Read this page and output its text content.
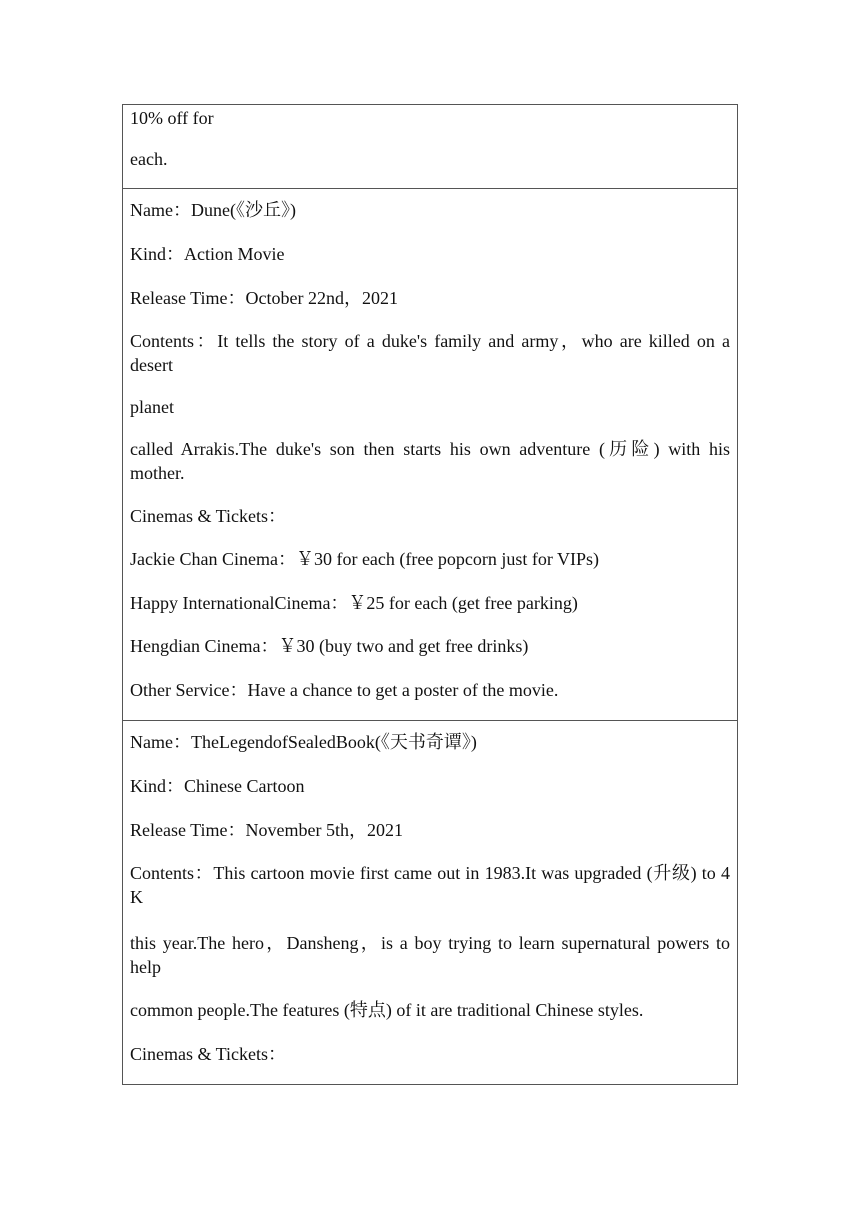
10% off for
each.
Name：Dune(《沙丘》)
Kind：Action Movie
Release Time：October 22nd，2021
Contents：It tells the story of a duke's family and army，who are killed on a desert
planet
called Arrakis.The duke's son then starts his own adventure (历险) with his mother.
Cinemas & Tickets：
Jackie Chan Cinema：￥30 for each (free popcorn just for VIPs)
Happy InternationalCinema：￥25 for each (get free parking)
Hengdian Cinema：￥30 (buy two and get free drinks)
Other Service：Have a chance to get a poster of the movie.
Name：TheLegendofSealedBook(《天书奇谭》)
Kind：Chinese Cartoon
Release Time：November 5th，2021
Contents：This cartoon movie first came out in 1983.It was upgraded (升级) to 4 K
this year.The hero，Dansheng，is a boy trying to learn supernatural powers to help
common people.The features (特点) of it are traditional Chinese styles.
Cinemas & Tickets：
